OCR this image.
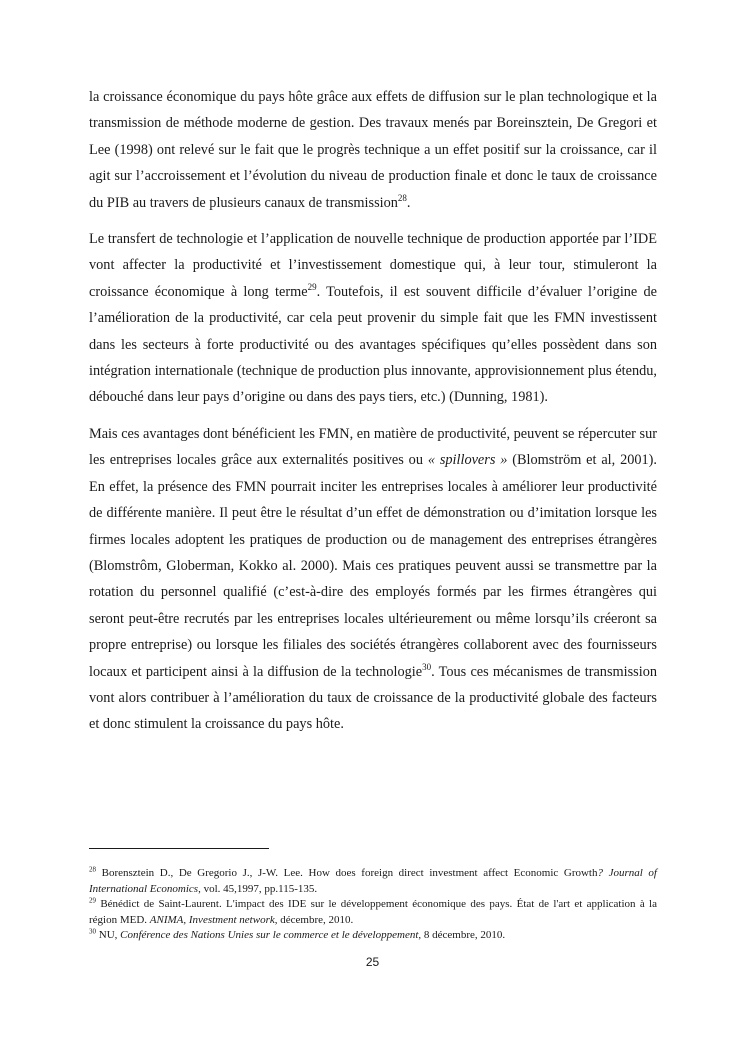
la croissance économique du pays hôte grâce aux effets de diffusion sur le plan technologique et la transmission de méthode moderne de gestion. Des travaux menés par Boreinsztein, De Gregori et Lee (1998) ont relevé sur le fait que le progrès technique a un effet positif sur la croissance, car il agit sur l’accroissement et l’évolution du niveau de production finale et donc le taux de croissance du PIB au travers de plusieurs canaux de transmission$^{28}$.

Le transfert de technologie et l’application de nouvelle technique de production apportée par l’IDE vont affecter la productivité et l’investissement domestique qui, à leur tour, stimuleront la croissance économique à long terme$^{29}$. Toutefois, il est souvent difficile d’évaluer l’origine de l’amélioration de la productivité, car cela peut provenir du simple fait que les FMN investissent dans les secteurs à forte productivité ou des avantages spécifiques qu’elles possèdent dans son intégration internationale (technique de production plus innovante, approvisionnement plus étendu, débouché dans leur pays d’origine ou dans des pays tiers, etc.) (Dunning, 1981).

Mais ces avantages dont bénéficient les FMN, en matière de productivité, peuvent se répercuter sur les entreprises locales grâce aux externalités positives ou « spillovers » (Blomström et al, 2001). En effet, la présence des FMN pourrait inciter les entreprises locales à améliorer leur productivité de différente manière. Il peut être le résultat d’un effet de démonstration ou d’imitation lorsque les firmes locales adoptent les pratiques de production ou de management des entreprises étrangères (Blomstrôm, Globerman, Kokko al. 2000). Mais ces pratiques peuvent aussi se transmettre par la rotation du personnel qualifié (c’est-à-dire des employés formés par les firmes étrangères qui seront peut-être recrutés par les entreprises locales ultérieurement ou même lorsqu’ils créeront sa propre entreprise) ou lorsque les filiales des sociétés étrangères collaborent avec des fournisseurs locaux et participent ainsi à la diffusion de la technologie$^{30}$. Tous ces mécanismes de transmission vont alors contribuer à l’amélioration du taux de croissance de la productivité globale des facteurs et donc stimulent la croissance du pays hôte.

$^{28}$ Borensztein D., De Gregorio J., J-W. Lee. How does foreign direct investment affect Economic Growth? Journal of International Economics, vol. 45,1997, pp.115-135.

$^{29}$ Bénédict de Saint-Laurent. L'impact des IDE sur le développement économique des pays. État de l'art et application à la région MED. ANIMA, Investment network, décembre, 2010.

$^{30}$ NU, Conférence des Nations Unies sur le commerce et le développement, 8 décembre, 2010.

25
